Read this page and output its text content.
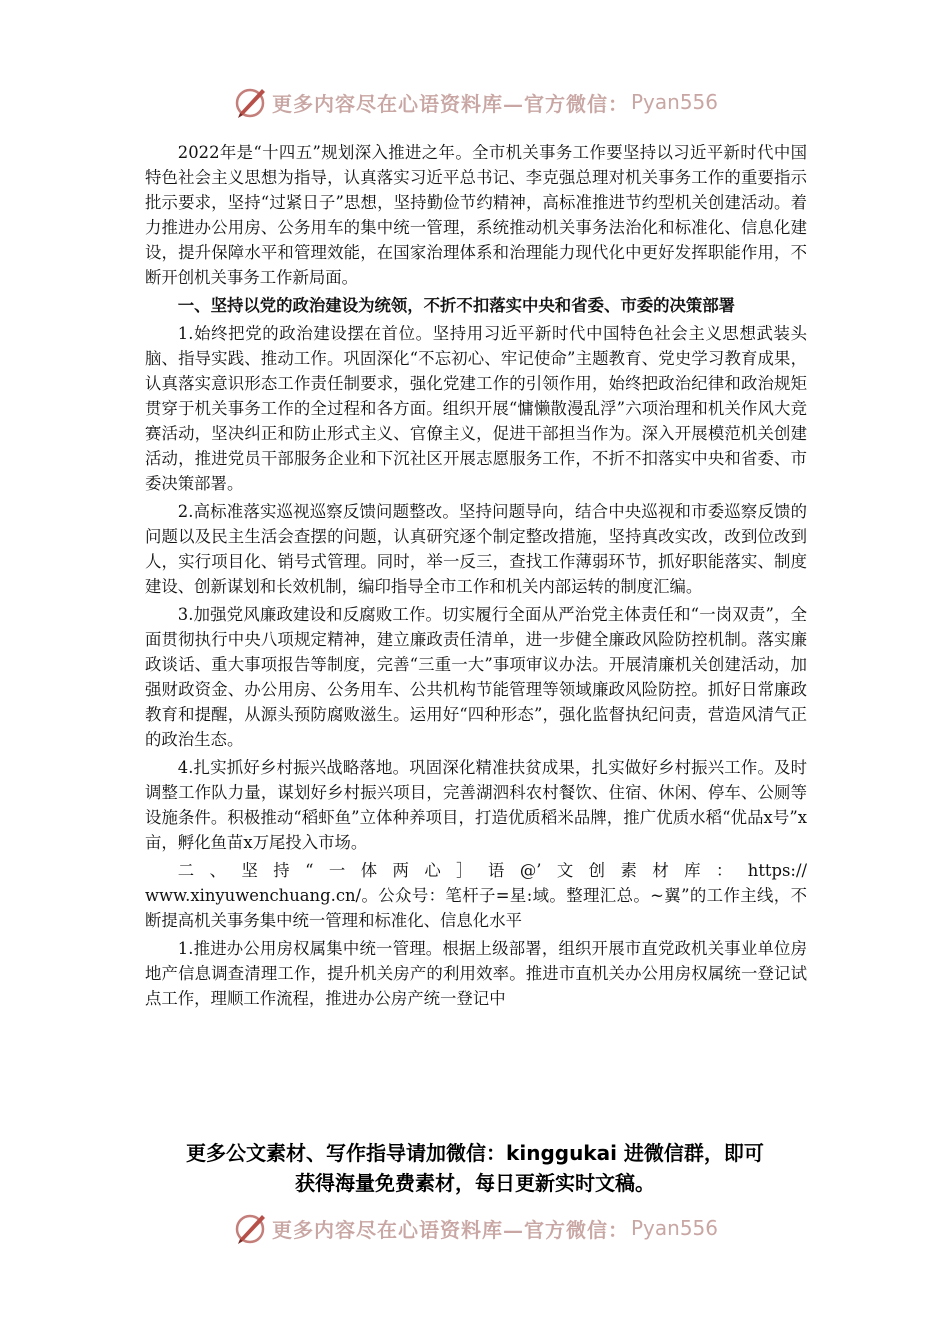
更多内容尽在心语资料库—官方微信： Pyan556

2022年是“十四五”规划深入推进之年。全市机关事务工作要坚持以习近平新时代中国特色社会主义思想为指导，认真落实习近平总书记、李克强总理对机关事务工作的重要指示批示要求，坚持“过紧日子”思想，坚持勤俭节约精神，高标准推进节约型机关创建活动。着力推进办公用房、公务用车的集中统一管理，系统推动机关事务法治化和标准化、信息化建设，提升保障水平和管理效能，在国家治理体系和治理能力现代化中更好发挥职能作用，不断开创机关事务工作新局面。

一、坚持以党的政治建设为统领，不折不扣落实中央和省委、市委的决策部署

1.始终把党的政治建设摆在首位。坚持用习近平新时代中国特色社会主义思想武装头脑、指导实践、推动工作。巩固深化“不忘初心、牢记使命”主题教育、党史学习教育成果，认真落实意识形态工作责任制要求，强化党建工作的引领作用，始终把政治纪律和政治规矩贯穿于机关事务工作的全过程和各方面。组织开展“慵懒散漫乱浮”六项治理和机关作风大竞赛活动，坚决纠正和防止形式主义、官僚主义，促进干部担当作为。深入开展模范机关创建活动，推进党员干部服务企业和下沉社区开展志愿服务工作，不折不扣落实中央和省委、市委决策部署。

2.高标准落实巡视巡察反馈问题整改。坚持问题导向，结合中央巡视和市委巡察反馈的问题以及民主生活会查摆的问题，认真研究逐个制定整改措施，坚持真改实改，改到位改到人，实行项目化、销号式管理。同时，举一反三，查找工作薄弱环节，抓好职能落实、制度建设、创新谋划和长效机制，编印指导全市工作和机关内部运转的制度汇编。

3.加强党风廉政建设和反腐败工作。切实履行全面从严治党主体责任和“一岗双责”，全面贯彻执行中央八项规定精神，建立廉政责任清单，进一步健全廉政风险防控机制。落实廉政谈话、重大事项报告等制度，完善“三重一大”事项审议办法。开展清廉机关创建活动，加强财政资金、办公用房、公务用车、公共机构节能管理等领域廉政风险防控。抓好日常廉政教育和提醒，从源头预防腐败滋生。运用好“四种形态”，强化监督执纪问责，营造风清气正的政治生态。

4.扎实抓好乡村振兴战略落地。巩固深化精准扶贫成果，扎实做好乡村振兴工作。及时调整工作队力量，谋划好乡村振兴项目，完善湖泗科农村餐饮、住宿、休闲、停车、公厕等设施条件。积极推动“稻虾鱼”立体种养项目，打造优质稻米品牌，推广优质水稻“优品x号”x亩，孵化鱼苗x万尾投入市场。

二、坚持“一体两心］语@’文创素材库：https://

www.xinyuwenchuang.cn/。公众号：笔杆子=星:域。整理汇总。~翼”的工作主线，不断提高机关事务集中统一管理和标准化、信息化水平

1.推进办公用房权属集中统一管理。根据上级部署，组织开展市直党政机关事业单位房地产信息调查清理工作，提升机关房产的利用效率。推进市直机关办公用房权属统一登记试点工作，理顺工作流程，推进办公房产统一登记中

更多公文素材、写作指导请加微信：kinggukai 进微信群，即可
获得海量免费素材，每日更新实时文稿。
更多内容尽在心语资料库—官方微信： Pyan556
